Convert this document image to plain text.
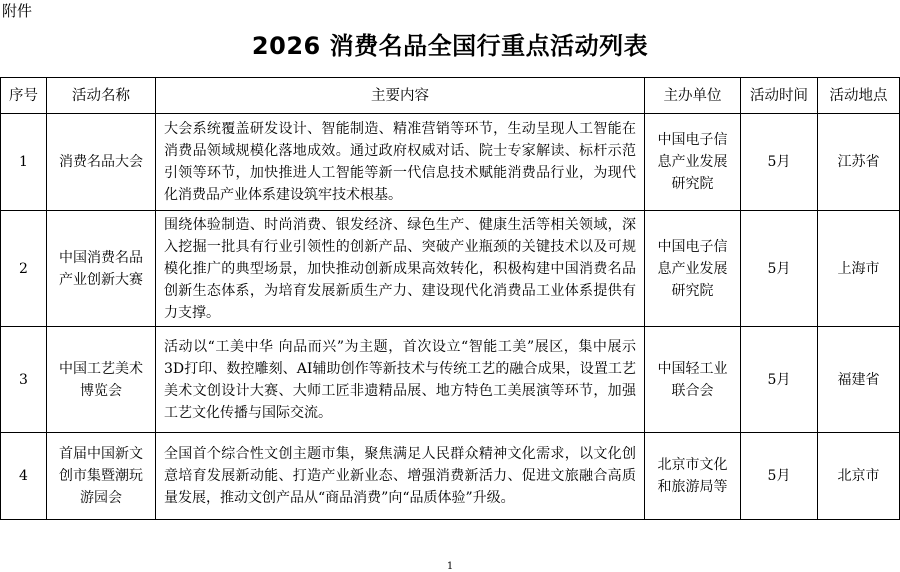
附件
2026 消费名品全国行重点活动列表
序号	活动名称	主要内容	主办单位	活动时间	活动地点
1	消费名品大会	大会系统覆盖研发设计、智能制造、精准营销等环节，生动呈现人工智能在消费品领域规模化落地成效。通过政府权威对话、院士专家解读、标杆示范引领等环节，加快推进人工智能等新一代信息技术赋能消费品行业，为现代化消费品产业体系建设筑牢技术根基。	中国电子信息产业发展研究院	5月	江苏省
2	中国消费名品产业创新大赛	围绕体验制造、时尚消费、银发经济、绿色生产、健康生活等相关领域，深入挖掘一批具有行业引领性的创新产品、突破产业瓶颈的关键技术以及可规模化推广的典型场景，加快推动创新成果高效转化，积极构建中国消费名品创新生态体系，为培育发展新质生产力、建设现代化消费品工业体系提供有力支撑。	中国电子信息产业发展研究院	5月	上海市
3	中国工艺美术博览会	活动以“工美中华 向品而兴”为主题，首次设立“智能工美”展区，集中展示3D打印、数控雕刻、AI辅助创作等新技术与传统工艺的融合成果，设置工艺美术文创设计大赛、大师工匠非遗精品展、地方特色工美展演等环节，加强工艺文化传播与国际交流。	中国轻工业联合会	5月	福建省
4	首届中国新文创市集暨潮玩游园会	全国首个综合性文创主题市集，聚焦满足人民群众精神文化需求，以文化创意培育发展新动能、打造产业新业态、增强消费新活力、促进文旅融合高质量发展，推动文创产品从“商品消费”向“品质体验”升级。	北京市文化和旅游局等	5月	北京市
1
